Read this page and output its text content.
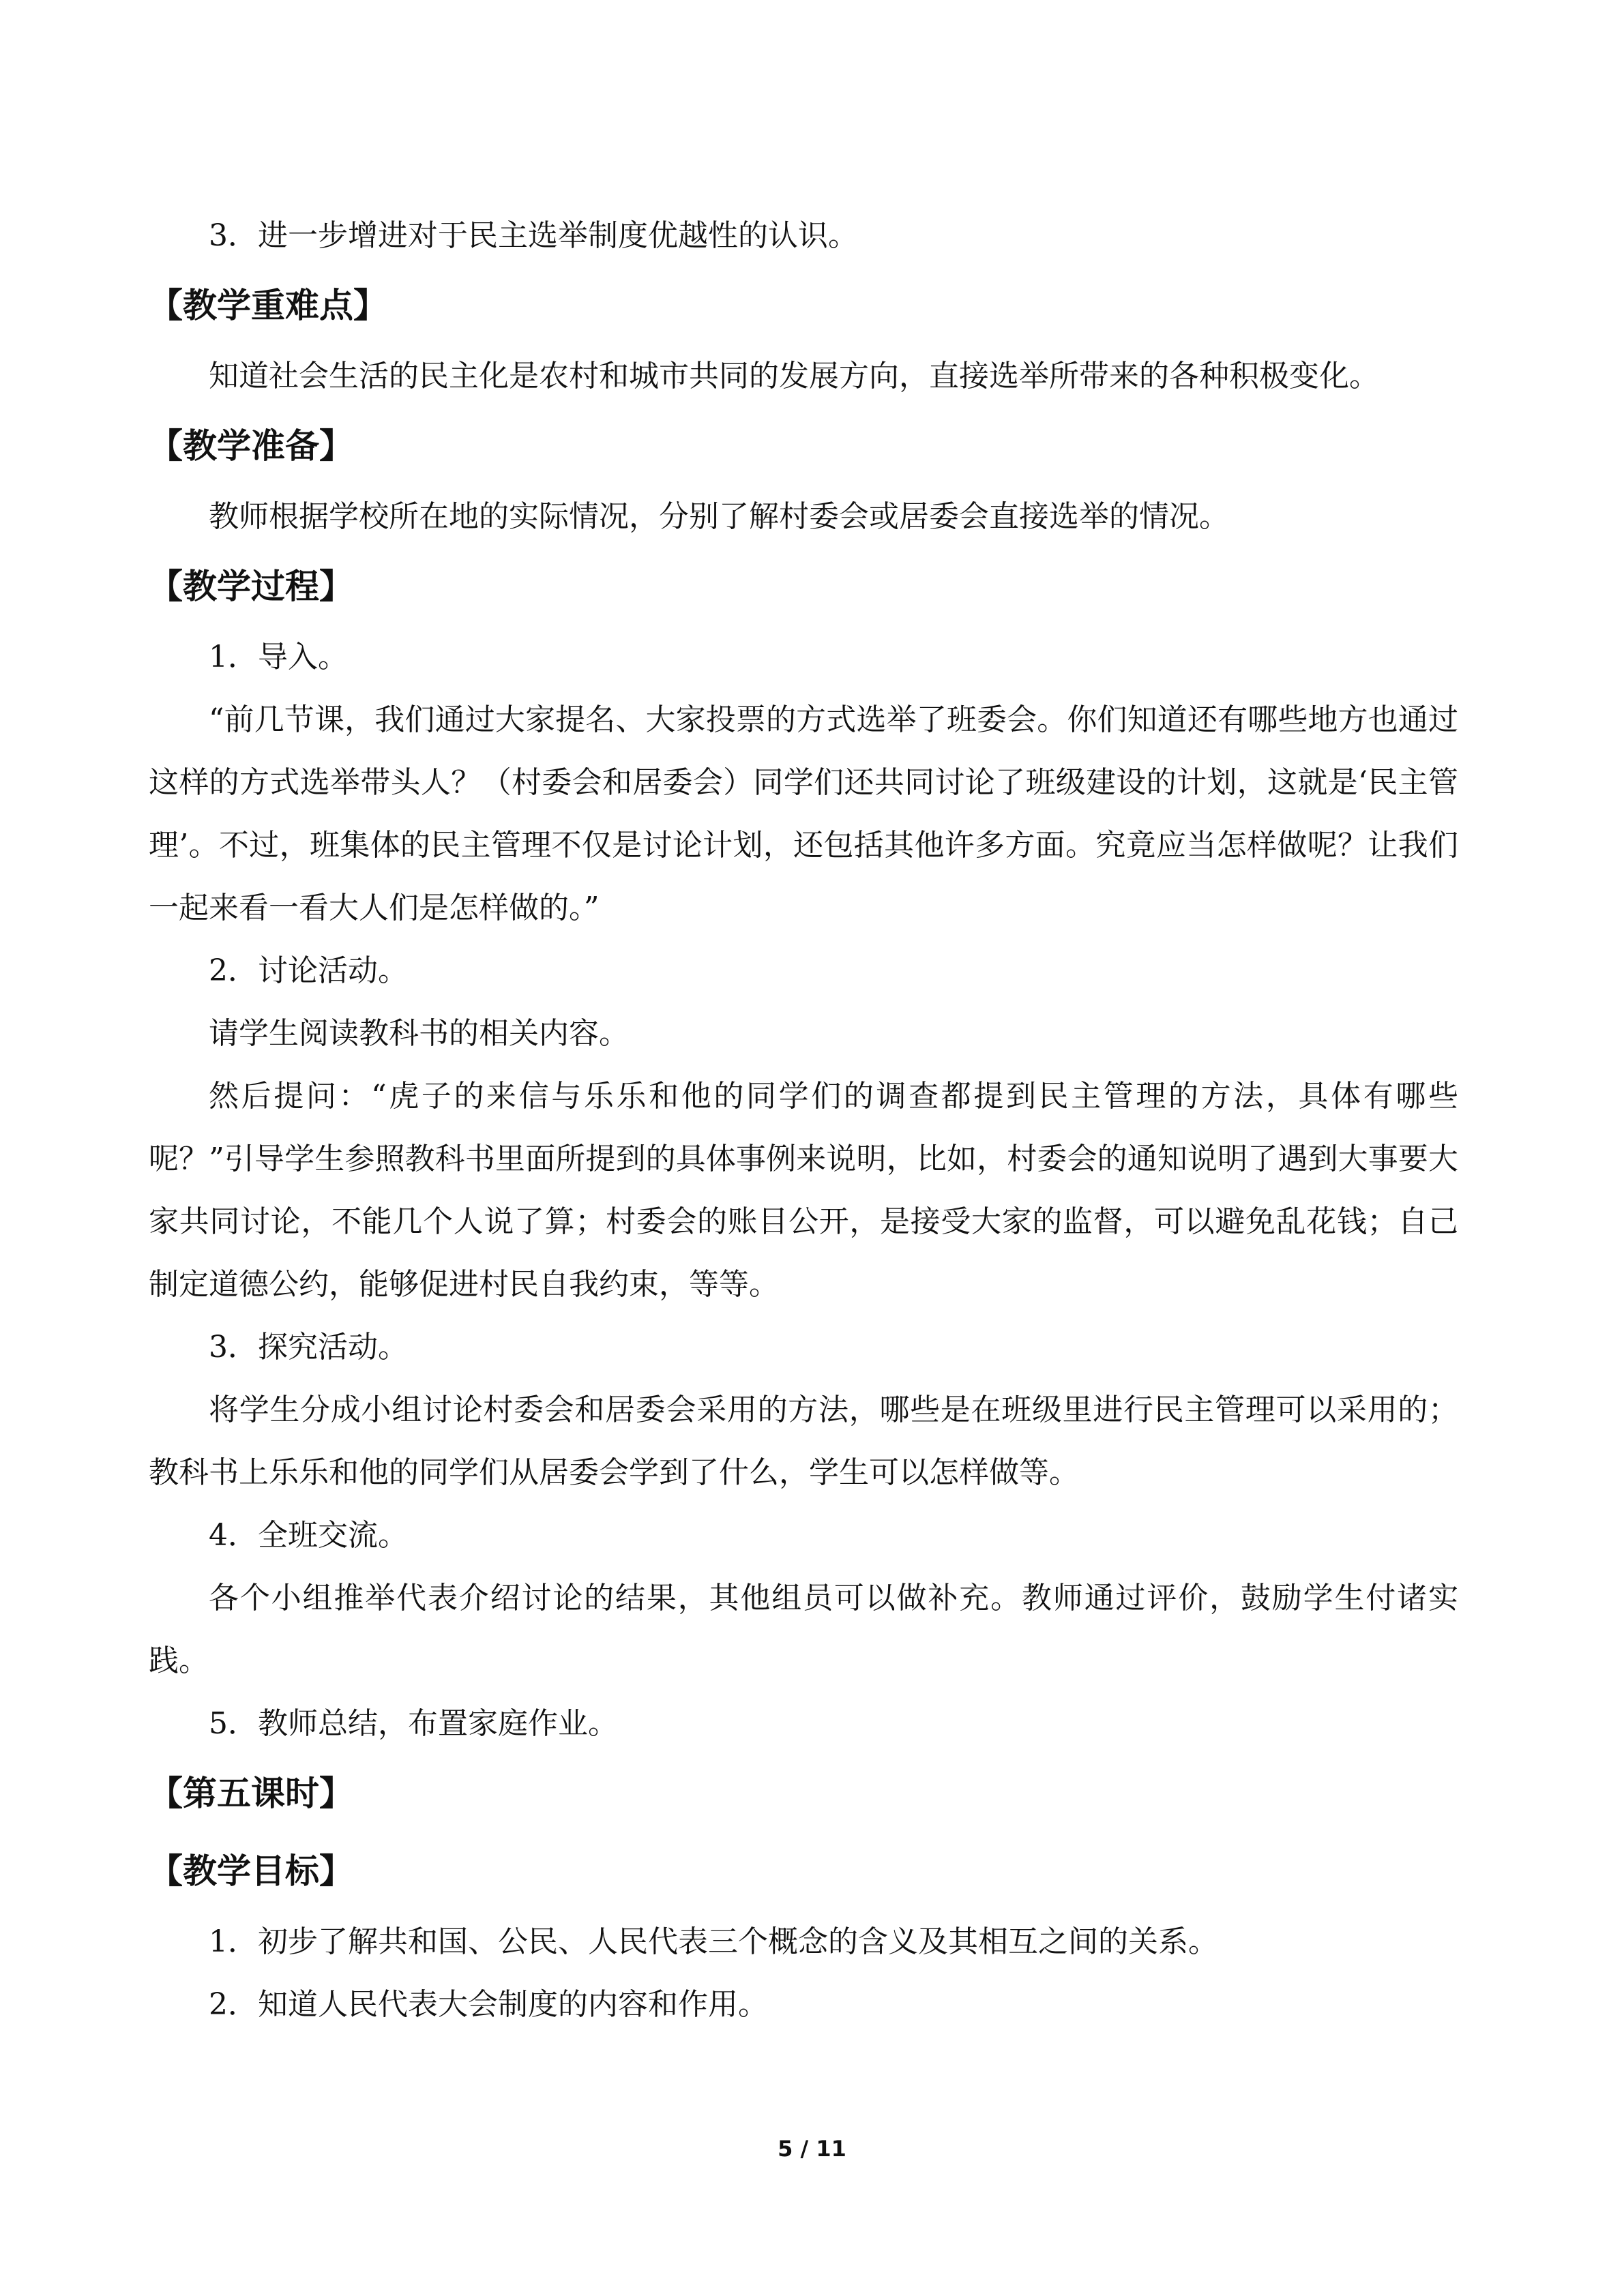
3．进一步增进对于民主选举制度优越性的认识。

【教学重难点】

知道社会生活的民主化是农村和城市共同的发展方向，直接选举所带来的各种积极变化。

【教学准备】

教师根据学校所在地的实际情况，分别了解村委会或居委会直接选举的情况。

【教学过程】

1．导入。

“前几节课，我们通过大家提名、大家投票的方式选举了班委会。你们知道还有哪些地方也通过这样的方式选举带头人？（村委会和居委会）同学们还共同讨论了班级建设的计划，这就是‘民主管理’。不过，班集体的民主管理不仅是讨论计划，还包括其他许多方面。究竟应当怎样做呢？让我们一起来看一看大人们是怎样做的。”

2．讨论活动。

请学生阅读教科书的相关内容。

然后提问：“虎子的来信与乐乐和他的同学们的调查都提到民主管理的方法，具体有哪些呢？”引导学生参照教科书里面所提到的具体事例来说明，比如，村委会的通知说明了遇到大事要大家共同讨论，不能几个人说了算；村委会的账目公开，是接受大家的监督，可以避免乱花钱；自己制定道德公约，能够促进村民自我约束，等等。

3．探究活动。

将学生分成小组讨论村委会和居委会采用的方法，哪些是在班级里进行民主管理可以采用的；教科书上乐乐和他的同学们从居委会学到了什么，学生可以怎样做等。

4．全班交流。

各个小组推举代表介绍讨论的结果，其他组员可以做补充。教师通过评价，鼓励学生付诸实践。

5．教师总结，布置家庭作业。

【第五课时】

【教学目标】

1．初步了解共和国、公民、人民代表三个概念的含义及其相互之间的关系。

2．知道人民代表大会制度的内容和作用。

5 / 11
